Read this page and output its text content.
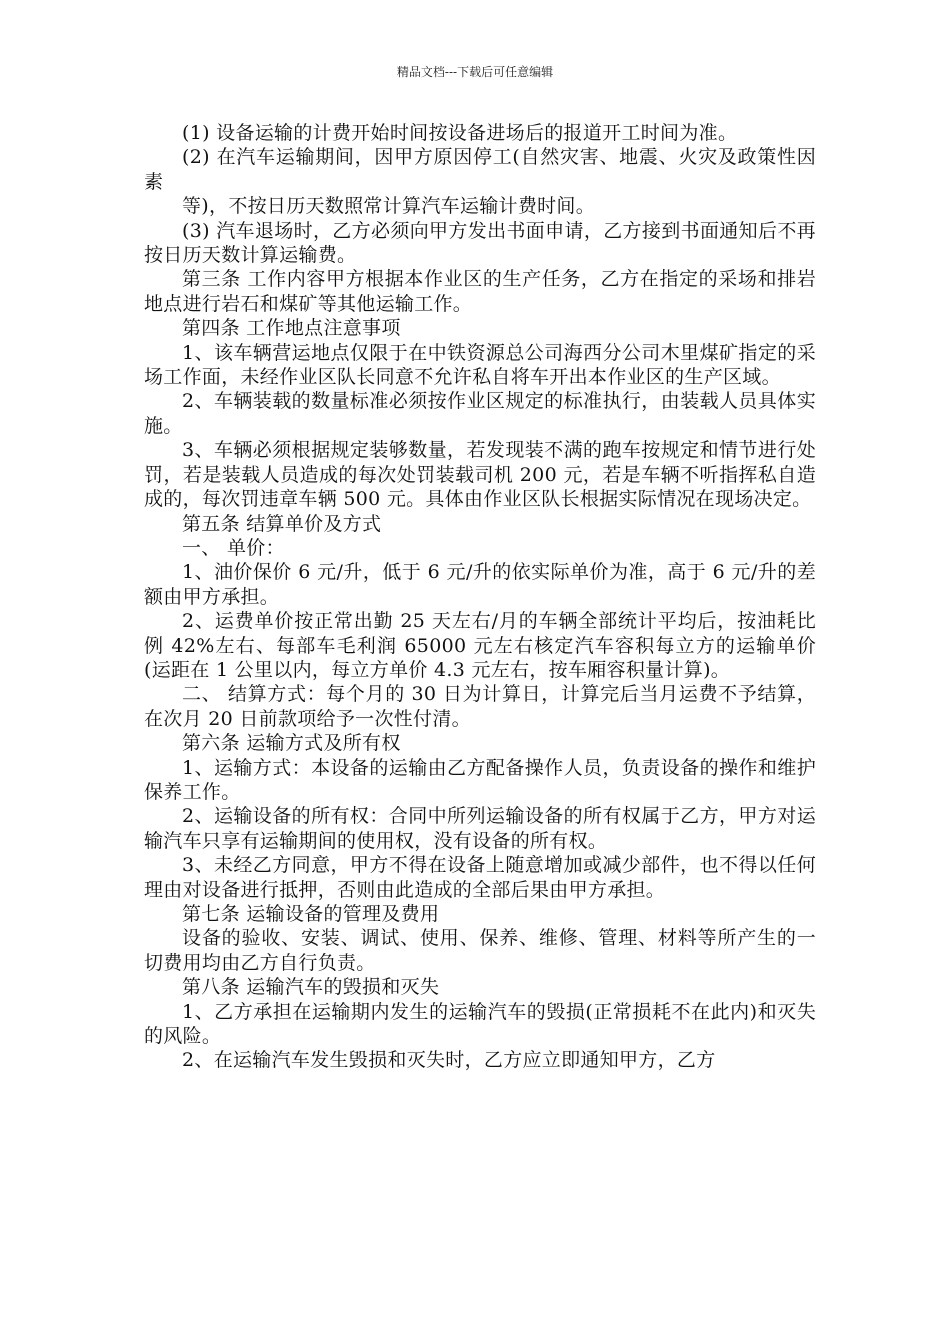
精品文档---下载后可任意编辑

(1) 设备运输的计费开始时间按设备进场后的报道开工时间为准。

(2) 在汽车运输期间，因甲方原因停工(自然灾害、地震、火灾及政策性因素

等)，不按日历天数照常计算汽车运输计费时间。

(3) 汽车退场时，乙方必须向甲方发出书面申请，乙方接到书面通知后不再按日历天数计算运输费。

第三条 工作内容甲方根据本作业区的生产任务，乙方在指定的采场和排岩地点进行岩石和煤矿等其他运输工作。

第四条 工作地点注意事项

1、该车辆营运地点仅限于在中铁资源总公司海西分公司木里煤矿指定的采场工作面，未经作业区队长同意不允许私自将车开出本作业区的生产区域。

2、车辆装载的数量标准必须按作业区规定的标准执行，由装载人员具体实施。

3、车辆必须根据规定装够数量，若发现装不满的跑车按规定和情节进行处罚，若是装载人员造成的每次处罚装载司机 200 元，若是车辆不听指挥私自造成的，每次罚违章车辆 500 元。具体由作业区队长根据实际情况在现场决定。

第五条 结算单价及方式

一、 单价：

1、油价保价 6 元/升，低于 6 元/升的依实际单价为准，高于 6 元/升的差额由甲方承担。

2、运费单价按正常出勤 25 天左右/月的车辆全部统计平均后，按油耗比例 42%左右、每部车毛利润 65000 元左右核定汽车容积每立方的运输单价(运距在 1 公里以内，每立方单价 4.3 元左右，按车厢容积量计算)。

二、 结算方式：每个月的 30 日为计算日，计算完后当月运费不予结算，在次月 20 日前款项给予一次性付清。

第六条 运输方式及所有权

1、运输方式：本设备的运输由乙方配备操作人员，负责设备的操作和维护保养工作。

2、运输设备的所有权：合同中所列运输设备的所有权属于乙方，甲方对运输汽车只享有运输期间的使用权，没有设备的所有权。

3、未经乙方同意，甲方不得在设备上随意增加或减少部件，也不得以任何理由对设备进行抵押，否则由此造成的全部后果由甲方承担。

第七条 运输设备的管理及费用

设备的验收、安装、调试、使用、保养、维修、管理、材料等所产生的一切费用均由乙方自行负责。

第八条 运输汽车的毁损和灭失

1、乙方承担在运输期内发生的运输汽车的毁损(正常损耗不在此内)和灭失的风险。

2、在运输汽车发生毁损和灭失时，乙方应立即通知甲方，乙方
